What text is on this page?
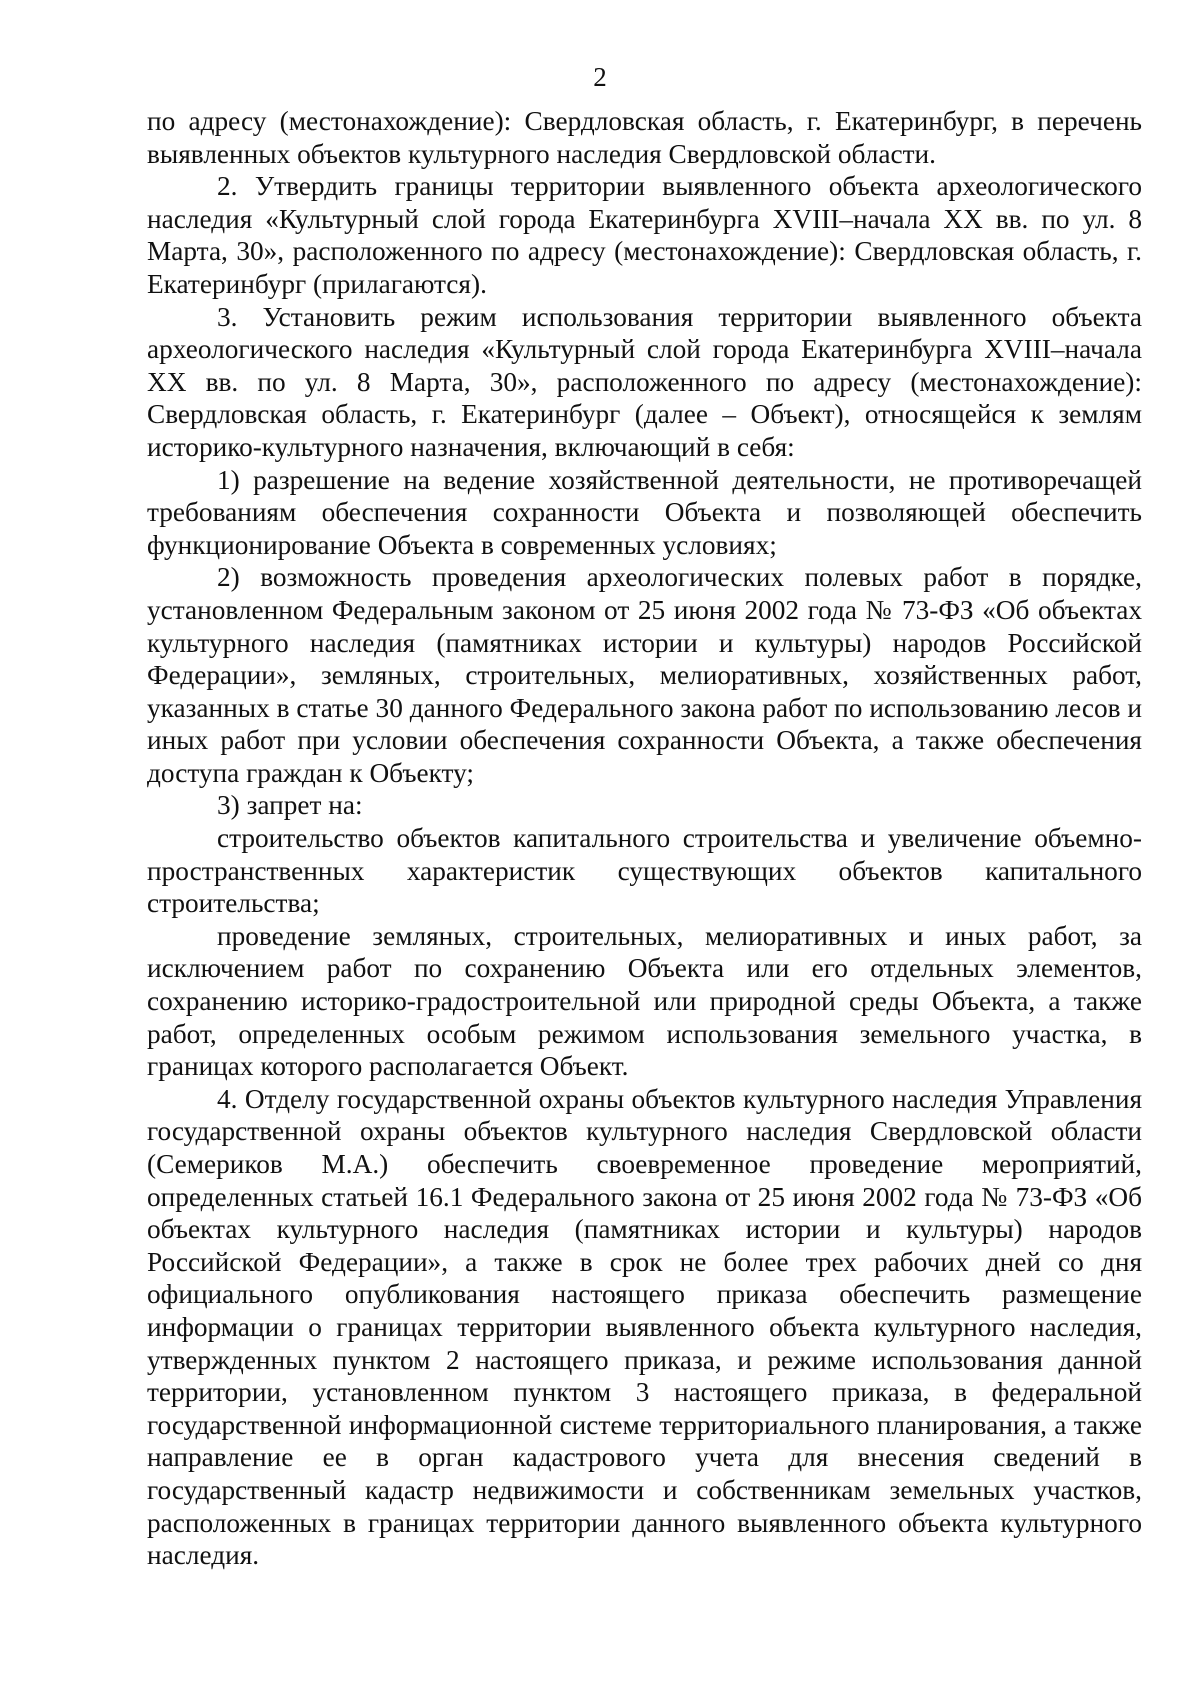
2

по адресу (местонахождение): Свердловская область, г. Екатеринбург, в перечень выявленных объектов культурного наследия Свердловской области.

2. Утвердить границы территории выявленного объекта археологического наследия «Культурный слой города Екатеринбурга XVIII–начала XX вв. по ул. 8 Марта, 30», расположенного по адресу (местонахождение): Свердловская область, г. Екатеринбург (прилагаются).

3. Установить режим использования территории выявленного объекта археологического наследия «Культурный слой города Екатеринбурга XVIII–начала XX вв. по ул. 8 Марта, 30», расположенного по адресу (местонахождение): Свердловская область, г. Екатеринбург (далее – Объект), относящейся к землям историко-культурного назначения, включающий в себя:

1) разрешение на ведение хозяйственной деятельности, не противоречащей требованиям обеспечения сохранности Объекта и позволяющей обеспечить функционирование Объекта в современных условиях;

2) возможность проведения археологических полевых работ в порядке, установленном Федеральным законом от 25 июня 2002 года № 73-ФЗ «Об объектах культурного наследия (памятниках истории и культуры) народов Российской Федерации», земляных, строительных, мелиоративных, хозяйственных работ, указанных в статье 30 данного Федерального закона работ по использованию лесов и иных работ при условии обеспечения сохранности Объекта, а также обеспечения доступа граждан к Объекту;

3) запрет на:

строительство объектов капитального строительства и увеличение объемно-пространственных характеристик существующих объектов капитального строительства;

проведение земляных, строительных, мелиоративных и иных работ, за исключением работ по сохранению Объекта или его отдельных элементов, сохранению историко-градостроительной или природной среды Объекта, а также работ, определенных особым режимом использования земельного участка, в границах которого располагается Объект.

4. Отделу государственной охраны объектов культурного наследия Управления государственной охраны объектов культурного наследия Свердловской области (Семериков М.А.) обеспечить своевременное проведение мероприятий, определенных статьей 16.1 Федерального закона от 25 июня 2002 года № 73-ФЗ «Об объектах культурного наследия (памятниках истории и культуры) народов Российской Федерации», а также в срок не более трех рабочих дней со дня официального опубликования настоящего приказа обеспечить размещение информации о границах территории выявленного объекта культурного наследия, утвержденных пунктом 2 настоящего приказа, и режиме использования данной территории, установленном пунктом 3 настоящего приказа, в федеральной государственной информационной системе территориального планирования, а также направление ее в орган кадастрового учета для внесения сведений в государственный кадастр недвижимости и собственникам земельных участков, расположенных в границах территории данного выявленного объекта культурного наследия.
